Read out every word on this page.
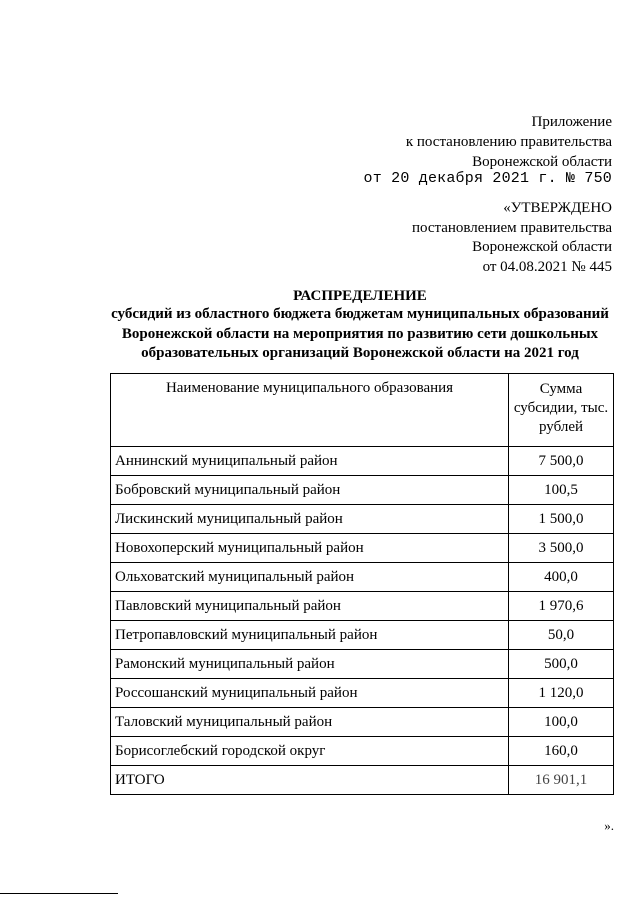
Приложение
к постановлению правительства
Воронежской области
от 20 декабря 2021 г. № 750
«УТВЕРЖДЕНО
постановлением правительства
Воронежской области
от 04.08.2021 № 445
РАСПРЕДЕЛЕНИЕ
субсидий из областного бюджета бюджетам муниципальных образований
Воронежской области на мероприятия по развитию сети дошкольных
образовательных организаций Воронежской области на 2021 год
Наименование муниципального образования	Сумма
субсидии, тыс.
рублей

Аннинский муниципальный район	7 500,0
Бобровский муниципальный район	100,5
Лискинский муниципальный район	1 500,0
Новохоперский муниципальный район	3 500,0
Ольховатский муниципальный район	400,0
Павловский муниципальный район	1 970,6
Петропавловский муниципальный район	50,0
Рамонский муниципальный район	500,0
Россошанский муниципальный район	1 120,0
Таловский муниципальный район	100,0
Борисоглебский городской округ	160,0
ИТОГО	16 901,1
».
